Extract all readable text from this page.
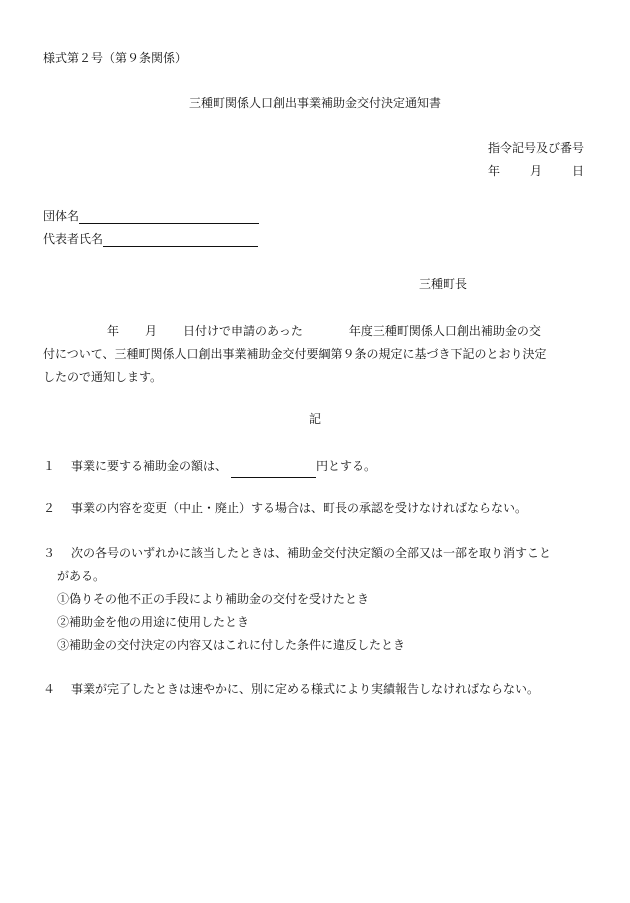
様式第２号（第９条関係）
三種町関係人口創出事業補助金交付決定通知書
指令記号及び番号
年	月	日
団体名
代表者氏名
三種町長
年 月 日付けで申請のあった	年度三種町関係人口創出補助金の交
付について、三種町関係人口創出事業補助金交付要綱第９条の規定に基づき下記のとおり決定
したので通知します。
記
１ 事業に要する補助金の額は、	円とする。
２ 事業の内容を変更（中止・廃止）する場合は、町長の承認を受けなければならない。
３ 次の各号のいずれかに該当したときは、補助金交付決定額の全部又は一部を取り消すこと
がある。
①偽りその他不正の手段により補助金の交付を受けたとき
②補助金を他の用途に使用したとき
③補助金の交付決定の内容又はこれに付した条件に違反したとき
４ 事業が完了したときは速やかに、別に定める様式により実績報告しなければならない。
